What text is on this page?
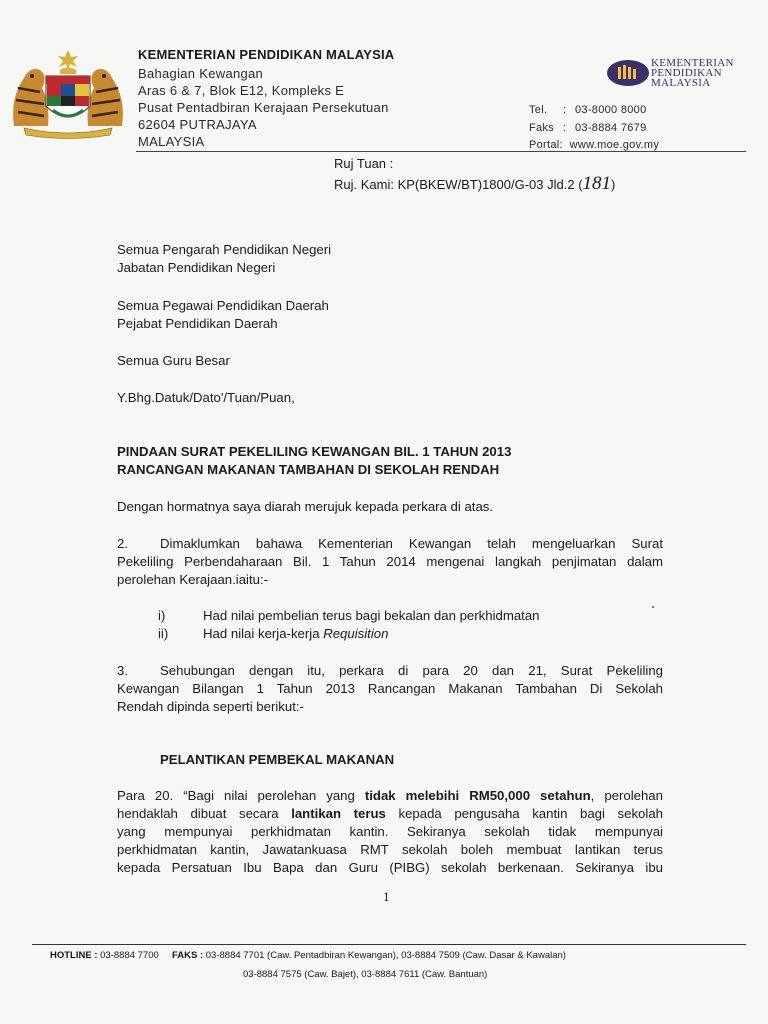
KEMENTERIAN PENDIDIKAN MALAYSIA
Bahagian Kewangan
Aras 6 & 7, Blok E12, Kompleks E
Pusat Pentadbiran Kerajaan Persekutuan
62604 PUTRAJAYA
MALAYSIA
KEMENTERIAN
PENDIDIKAN
MALAYSIA
Tel. : 03-8000 8000
Faks : 03-8884 7679
Portal: www.moe.gov.my
Ruj Tuan :
Ruj. Kami: KP(BKEW/BT)1800/G-03 Jld.2 (181)
Semua Pengarah Pendidikan Negeri
Jabatan Pendidikan Negeri
Semua Pegawai Pendidikan Daerah
Pejabat Pendidikan Daerah
Semua Guru Besar
Y.Bhg.Datuk/Dato'/Tuan/Puan,
PINDAAN SURAT PEKELILING KEWANGAN BIL. 1 TAHUN 2013
RANCANGAN MAKANAN TAMBAHAN DI SEKOLAH RENDAH
Dengan hormatnya saya diarah merujuk kepada perkara di atas.
2. Dimaklumkan bahawa Kementerian Kewangan telah mengeluarkan Surat
Pekeliling Perbendaharaan Bil. 1 Tahun 2014 mengenai langkah penjimatan dalam
perolehan Kerajaan.iaitu:-
i)	Had nilai pembelian terus bagi bekalan dan perkhidmatan
ii)	Had nilai kerja-kerja Requisition
3. Sehubungan dengan itu, perkara di para 20 dan 21, Surat Pekeliling
Kewangan Bilangan 1 Tahun 2013 Rancangan Makanan Tambahan Di Sekolah
Rendah dipinda seperti berikut:-
PELANTIKAN PEMBEKAL MAKANAN
Para 20. “Bagi nilai perolehan yang tidak melebihi RM50,000 setahun, perolehan
hendaklah dibuat secara lantikan terus kepada pengusaha kantin bagi sekolah
yang mempunyai perkhidmatan kantin. Sekiranya sekolah tidak mempunyai
perkhidmatan kantin, Jawatankuasa RMT sekolah boleh membuat lantikan terus
kepada Persatuan Ibu Bapa dan Guru (PIBG) sekolah berkenaan. Sekiranya ibu
1
HOTLINE : 03-8884 7700 FAKS : 03-8884 7701 (Caw. Pentadbiran Kewangan), 03-8884 7509 (Caw. Dasar & Kawalan)
03-8884 7575 (Caw. Bajet), 03-8884 7611 (Caw. Bantuan)
